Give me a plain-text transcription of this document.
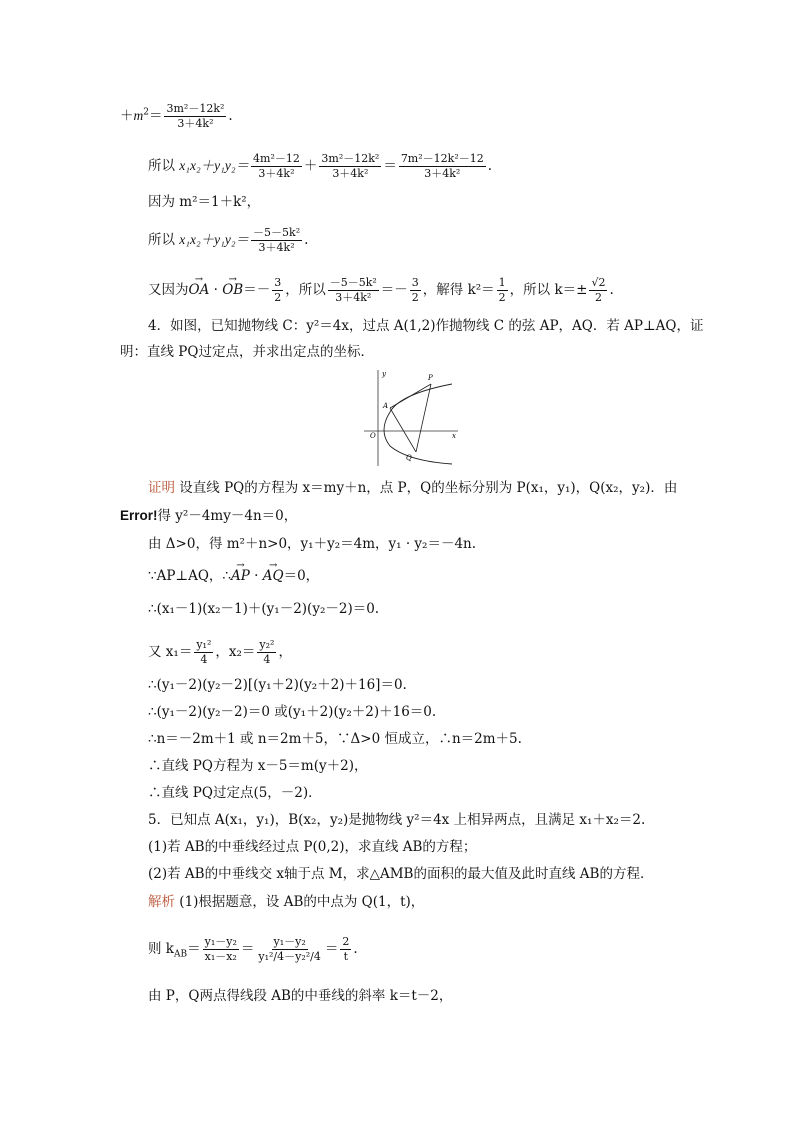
$+m^2= \frac{\text{3m²－12k²}}{\text{3＋4k²}}$ .
所以 $x_1x_2+y_1y_2= \frac{\text{4m²－12}}{\text{3＋4k²}} + \frac{\text{3m²－12k²}}{\text{3＋4k²}} = \frac{\text{7m²－12k²－12}}{\text{3＋4k²}}$ .
因为 m²＝1＋k²，
所以 $x_1x_2+y_1y_2= \frac{\text{－5－5k²}}{\text{3＋4k²}}$ .
又因为→ OA · → $OB=- \frac{3}{2}$ ，所以 $\frac{\text{－5－5k²}}{\text{3＋4k²}} =- \frac{3}{2}$ ，解得 $k^2= \frac{1}{2}$ ，所以 $k=\pm \frac{√2}{2}$ .
4．如图，已知抛物线 C：y²＝4x，过点 A(1,2)作抛物线 C 的弦 AP，AQ．若 AP⊥AQ，证
明：直线 PQ过定点，并求出定点的坐标．
y
x
O
A
P
Q
证明 设直线 PQ的方程为 x＝my＋n，点 P，Q的坐标分别为 P(x₁，y₁)，Q(x₂，y₂)．由
Error!得 y²－4my－4n＝0，
由 Δ>0，得 m²＋n>0，y₁＋y₂＝4m，y₁ · y₂＝－4n.
∵AP⊥AQ，∴→ AP · → AQ＝0，
∴(x₁－1)(x₂－1)＋(y₁－2)(y₂－2)＝0.
又 $x_1= \frac{\text{y₁²}}{4}$ ，$x_2= \frac{\text{y₂²}}{4}$ ，
∴(y₁－2)(y₂－2)[(y₁＋2)(y₂＋2)＋16]＝0.
∴(y₁－2)(y₂－2)＝0 或(y₁＋2)(y₂＋2)＋16＝0.
∴n＝－2m＋1 或 n＝2m＋5，∵Δ>0 恒成立，∴n＝2m＋5.
∴直线 PQ方程为 x－5＝m(y＋2)，
∴直线 PQ过定点(5，－2)．
5．已知点 A(x₁，y₁)，B(x₂，y₂)是抛物线 y²＝4x 上相异两点，且满足 x₁＋x₂＝2.
(1)若 AB的中垂线经过点 P(0,2)，求直线 AB的方程；
(2)若 AB的中垂线交 x轴于点 M，求△AMB的面积的最大值及此时直线 AB的方程．
解析 (1)根据题意，设 AB的中点为 Q(1，t)，
则 $k_{AB}= \frac{\text{y₁－y₂}}{\text{x₁－x₂}} = \frac{\text{y₁－y₂}}{\text{y₁²/4－y₂²/4}} = \frac{2}{t}$ .
由 P，Q两点得线段 AB的中垂线的斜率 k＝t－2，
